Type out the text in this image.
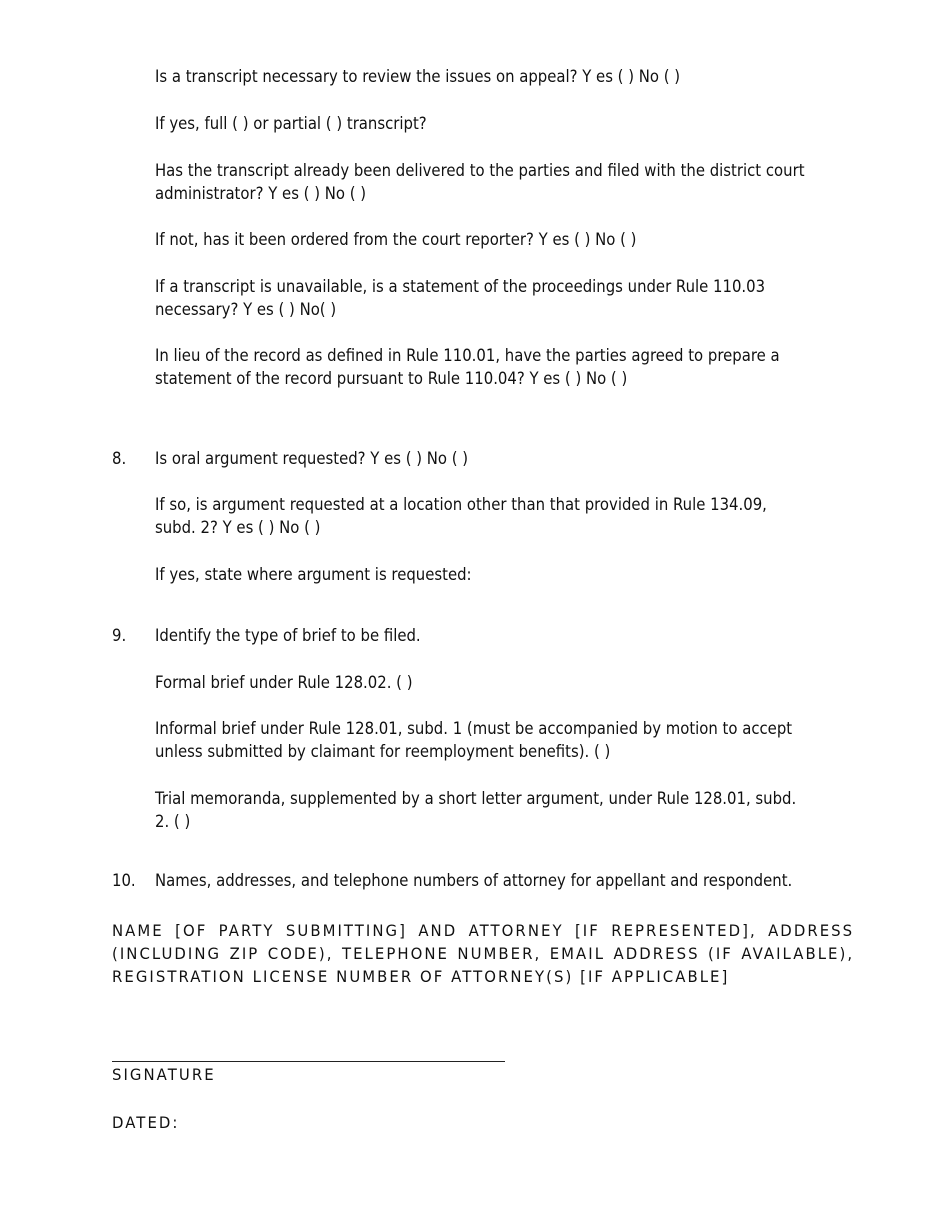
Is a transcript necessary to review the issues on appeal? Y es ( ) No ( )
If yes, full ( ) or partial ( ) transcript?
Has the transcript already been delivered to the parties and filed with the district court
administrator? Y es ( ) No ( )
If not, has it been ordered from the court reporter? Y es ( ) No ( )
If a transcript is unavailable, is a statement of the proceedings under Rule 110.03
necessary? Y es ( ) No( )
In lieu of the record as defined in Rule 110.01, have the parties agreed to prepare a
statement of the record pursuant to Rule 110.04? Y es ( ) No ( )
8. Is oral argument requested? Y es ( ) No ( )
If so, is argument requested at a location other than that provided in Rule 134.09,
subd. 2? Y es ( ) No ( )
If yes, state where argument is requested:
9. Identify the type of brief to be filed.
Formal brief under Rule 128.02. ( )
Informal brief under Rule 128.01, subd. 1 (must be accompanied by motion to accept
unless submitted by claimant for reemployment benefits). ( )
Trial memoranda, supplemented by a short letter argument, under Rule 128.01, subd.
2. ( )
10. Names, addresses, and telephone numbers of attorney for appellant and respondent.
NAME [OF PARTY SUBMITTING] AND ATTORNEY [IF REPRESENTED], ADDRESS (INCLUDING ZIP CODE), TELEPHONE NUMBER, EMAIL ADDRESS (IF AVAILABLE), REGISTRATION LICENSE NUMBER OF ATTORNEY(S) [IF APPLICABLE]
SIGNATURE
DATED:
